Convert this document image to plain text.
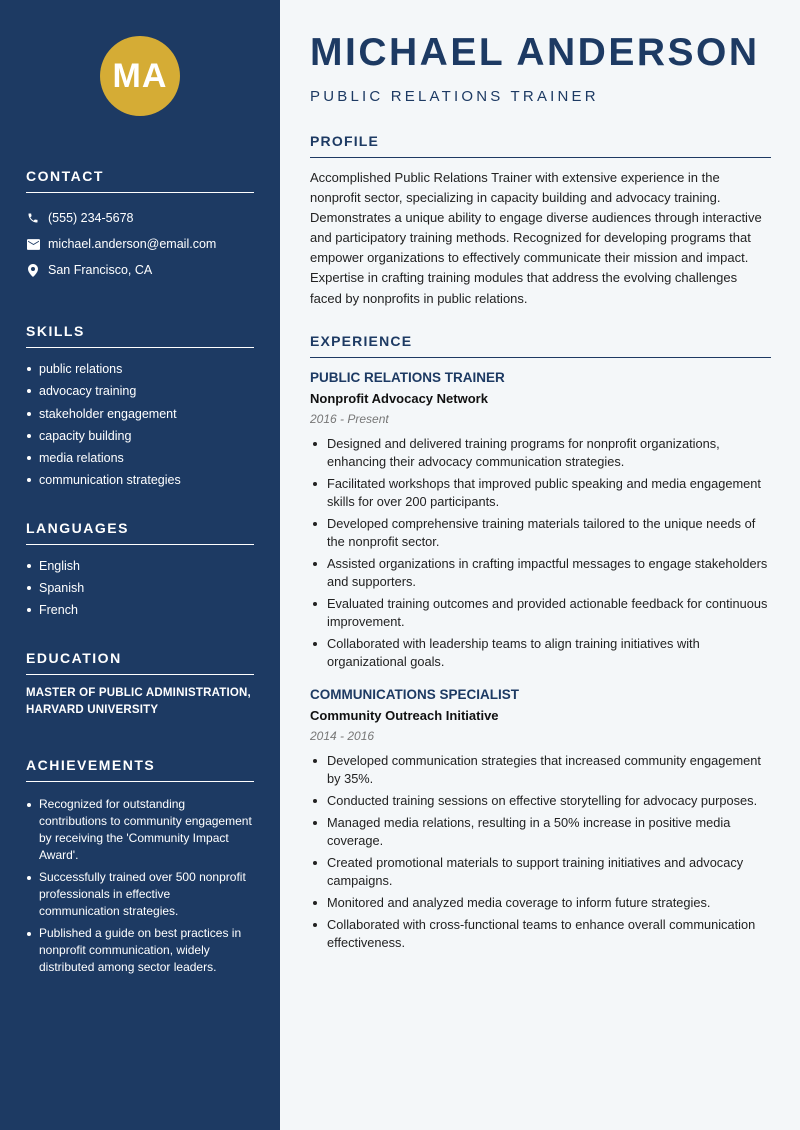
MA
CONTACT
(555) 234-5678
michael.anderson@email.com
San Francisco, CA
SKILLS
public relations
advocacy training
stakeholder engagement
capacity building
media relations
communication strategies
LANGUAGES
English
Spanish
French
EDUCATION
MASTER OF PUBLIC ADMINISTRATION, HARVARD UNIVERSITY
ACHIEVEMENTS
Recognized for outstanding contributions to community engagement by receiving the 'Community Impact Award'.
Successfully trained over 500 nonprofit professionals in effective communication strategies.
Published a guide on best practices in nonprofit communication, widely distributed among sector leaders.
MICHAEL ANDERSON
PUBLIC RELATIONS TRAINER
PROFILE

Accomplished Public Relations Trainer with extensive experience in the nonprofit sector, specializing in capacity building and advocacy training. Demonstrates a unique ability to engage diverse audiences through interactive and participatory training methods. Recognized for developing programs that empower organizations to effectively communicate their mission and impact. Expertise in crafting training modules that address the evolving challenges faced by nonprofits in public relations.

EXPERIENCE
PUBLIC RELATIONS TRAINER
Nonprofit Advocacy Network
2016 - Present
Designed and delivered training programs for nonprofit organizations, enhancing their advocacy communication strategies.
Facilitated workshops that improved public speaking and media engagement skills for over 200 participants.
Developed comprehensive training materials tailored to the unique needs of the nonprofit sector.
Assisted organizations in crafting impactful messages to engage stakeholders and supporters.
Evaluated training outcomes and provided actionable feedback for continuous improvement.
Collaborated with leadership teams to align training initiatives with organizational goals.
COMMUNICATIONS SPECIALIST
Community Outreach Initiative
2014 - 2016
Developed communication strategies that increased community engagement by 35%.
Conducted training sessions on effective storytelling for advocacy purposes.
Managed media relations, resulting in a 50% increase in positive media coverage.
Created promotional materials to support training initiatives and advocacy campaigns.
Monitored and analyzed media coverage to inform future strategies.
Collaborated with cross-functional teams to enhance overall communication effectiveness.
